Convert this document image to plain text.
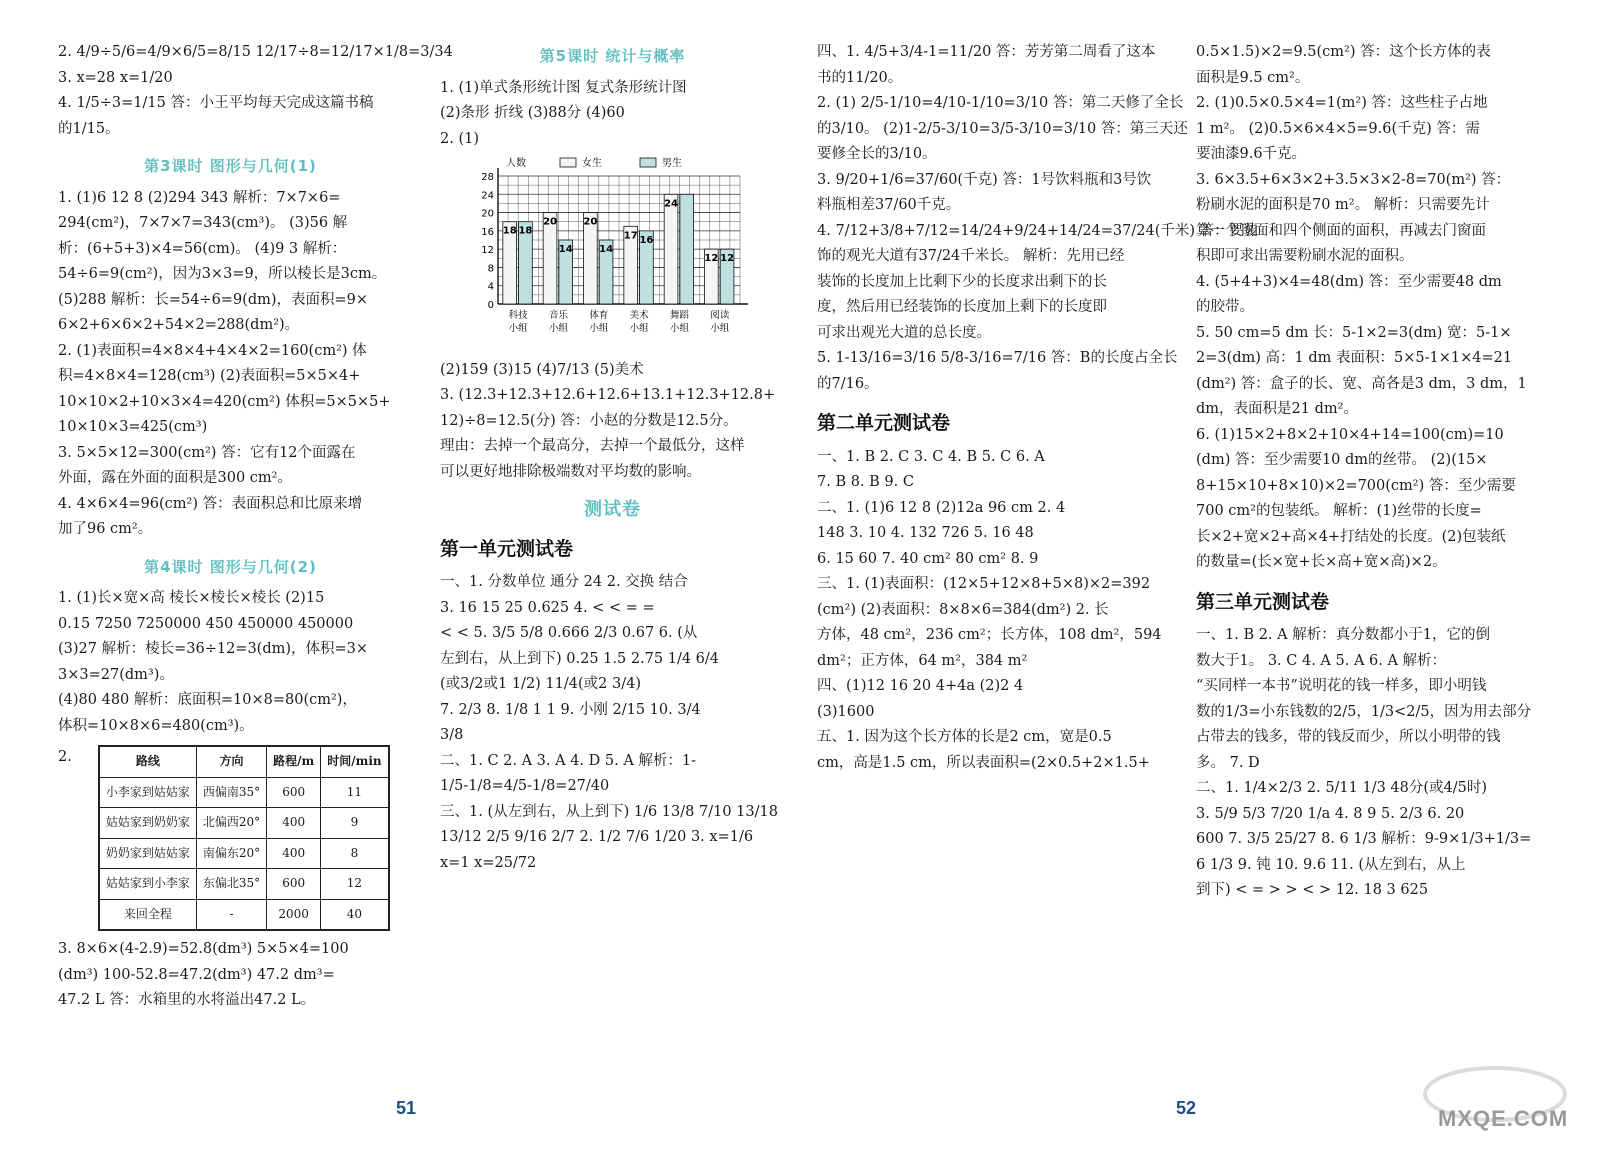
2. 4/9÷5/6=4/9×6/5=8/15 12/17÷8=12/17×1/8=3/34
3. x=28 x=1/20
4. 1/5÷3=1/15 答：小王平均每天完成这篇书稿
的1/15。
第3课时 图形与几何(1)
1. (1)6 12 8 (2)294 343 解析：7×7×6=
294(cm²)，7×7×7=343(cm³)。 (3)56 解
析：(6+5+3)×4=56(cm)。 (4)9 3 解析：
54÷6=9(cm²)，因为3×3=9，所以棱长是3cm。
(5)288 解析：长=54÷6=9(dm)，表面积=9×
6×2+6×6×2+54×2=288(dm²)。
2. (1)表面积=4×8×4+4×4×2=160(cm²) 体
积=4×8×4=128(cm³) (2)表面积=5×5×4+
10×10×2+10×3×4=420(cm²) 体积=5×5×5+
10×10×3=425(cm³)
3. 5×5×12=300(cm²) 答：它有12个面露在
外面，露在外面的面积是300 cm²。
4. 4×6×4=96(cm²) 答：表面积总和比原来增
加了96 cm²。
第4课时 图形与几何(2)
1. (1)长×宽×高 棱长×棱长×棱长 (2)15
0.15 7250 7250000 450 450000 450000
(3)27 解析：棱长=36÷12=3(dm)，体积=3×
3×3=27(dm³)。
(4)80 480 解析：底面积=10×8=80(cm²)，
体积=10×8×6=480(cm³)。
2.	路线	方向	路程/m	时间/min
小李家到姑姑家	西偏南35°	600	11
姑姑家到奶奶家	北偏西20°	400	9
奶奶家到姑姑家	南偏东20°	400	8
姑姑家到小李家	东偏北35°	600	12
来回全程	-	2000	40
3. 8×6×(4-2.9)=52.8(dm³) 5×5×4=100
(dm³) 100-52.8=47.2(dm³) 47.2 dm³=
47.2 L 答：水箱里的水将溢出47.2 L。
第5课时 统计与概率
1. (1)单式条形统计图 复式条形统计图
(2)条形 折线 (3)88分 (4)60
2. (1)
0
4
8
12
16
20
24
28
人数	女生	男生
18 18
科技
小组
20
14
音乐
小组
20
14
体育
小组
17 16
美术
小组
24
舞蹈
小组
12 12
阅读
小组
(2)159 (3)15 (4)7/13 (5)美术
3. (12.3+12.3+12.6+12.6+13.1+12.3+12.8+
12)÷8=12.5(分) 答：小赵的分数是12.5分。
理由：去掉一个最高分，去掉一个最低分，这样
可以更好地排除极端数对平均数的影响。
测试卷
第一单元测试卷
一、1. 分数单位 通分 24 2. 交换 结合
3. 16 15 25 0.625 4. < < = =
< < 5. 3/5 5/8 0.666 2/3 0.67 6. (从
左到右，从上到下) 0.25 1.5 2.75 1/4 6/4
(或3/2或1 1/2) 11/4(或2 3/4)
7. 2/3 8. 1/8 1 1 9. 小刚 2/15 10. 3/4
3/8
二、1. C 2. A 3. A 4. D 5. A 解析：1-
1/5-1/8=4/5-1/8=27/40
三、1. (从左到右，从上到下) 1/6 13/8 7/10 13/18
13/12 2/5 9/16 2/7 2. 1/2 7/6 1/20 3. x=1/6
x=1 x=25/72
四、1. 4/5+3/4-1=11/20 答：芳芳第二周看了这本
书的11/20。
2. (1) 2/5-1/10=4/10-1/10=3/10 答：第二天修了全长
的3/10。 (2)1-2/5-3/10=3/5-3/10=3/10 答：第三天还
要修全长的3/10。
3. 9/20+1/6=37/60(千克) 答：1号饮料瓶和3号饮
料瓶相差37/60千克。
4. 7/12+3/8+7/12=14/24+9/24+14/24=37/24(千米) 答：要装
饰的观光大道有37/24千米长。 解析：先用已经
装饰的长度加上比剩下少的长度求出剩下的长
度，然后用已经装饰的长度加上剩下的长度即
可求出观光大道的总长度。
5. 1-13/16=3/16 5/8-3/16=7/16 答：B的长度占全长
的7/16。
第二单元测试卷
一、1. B 2. C 3. C 4. B 5. C 6. A
7. B 8. B 9. C
二、1. (1)6 12 8 (2)12a 96 cm 2. 4
148 3. 10 4. 132 726 5. 16 48
6. 15 60 7. 40 cm² 80 cm² 8. 9
三、1. (1)表面积：(12×5+12×8+5×8)×2=392
(cm²) (2)表面积：8×8×6=384(dm²) 2. 长
方体，48 cm²，236 cm²；长方体，108 dm²，594
dm²；正方体，64 m²，384 m²
四、(1)12 16 20 4+4a (2)2 4
(3)1600
五、1. 因为这个长方体的长是2 cm，宽是0.5
cm，高是1.5 cm，所以表面积=(2×0.5+2×1.5+
0.5×1.5)×2=9.5(cm²) 答：这个长方体的表
面积是9.5 cm²。
2. (1)0.5×0.5×4=1(m²) 答：这些柱子占地
1 m²。 (2)0.5×6×4×5=9.6(千克) 答：需
要油漆9.6千克。
3. 6×3.5+6×3×2+3.5×3×2-8=70(m²) 答：
粉刷水泥的面积是70 m²。 解析：只需要先计
算一个顶面和四个侧面的面积，再减去门窗面
积即可求出需要粉刷水泥的面积。
4. (5+4+3)×4=48(dm) 答：至少需要48 dm
的胶带。
5. 50 cm=5 dm 长：5-1×2=3(dm) 宽：5-1×
2=3(dm) 高：1 dm 表面积：5×5-1×1×4=21
(dm²) 答：盒子的长、宽、高各是3 dm，3 dm，1
dm，表面积是21 dm²。
6. (1)15×2+8×2+10×4+14=100(cm)=10
(dm) 答：至少需要10 dm的丝带。 (2)(15×
8+15×10+8×10)×2=700(cm²) 答：至少需要
700 cm²的包装纸。 解析：(1)丝带的长度=
长×2+宽×2+高×4+打结处的长度。(2)包装纸
的数量=(长×宽+长×高+宽×高)×2。
第三单元测试卷
一、1. B 2. A 解析：真分数都小于1，它的倒
数大于1。 3. C 4. A 5. A 6. A 解析：
“买同样一本书”说明花的钱一样多，即小明钱
数的1/3=小东钱数的2/5，1/3<2/5，因为用去部分
占带去的钱多，带的钱反而少，所以小明带的钱
多。 7. D
二、1. 1/4×2/3 2. 5/11 1/3 48分(或4/5时)
3. 5/9 5/3 7/20 1/a 4. 8 9 5. 2/3 6. 20
600 7. 3/5 25/27 8. 6 1/3 解析：9-9×1/3+1/3=
6 1/3 9. 钝 10. 9.6 11. (从左到右，从上
到下) < = > > < > 12. 18 3 625
51	52	MXQE.COM
